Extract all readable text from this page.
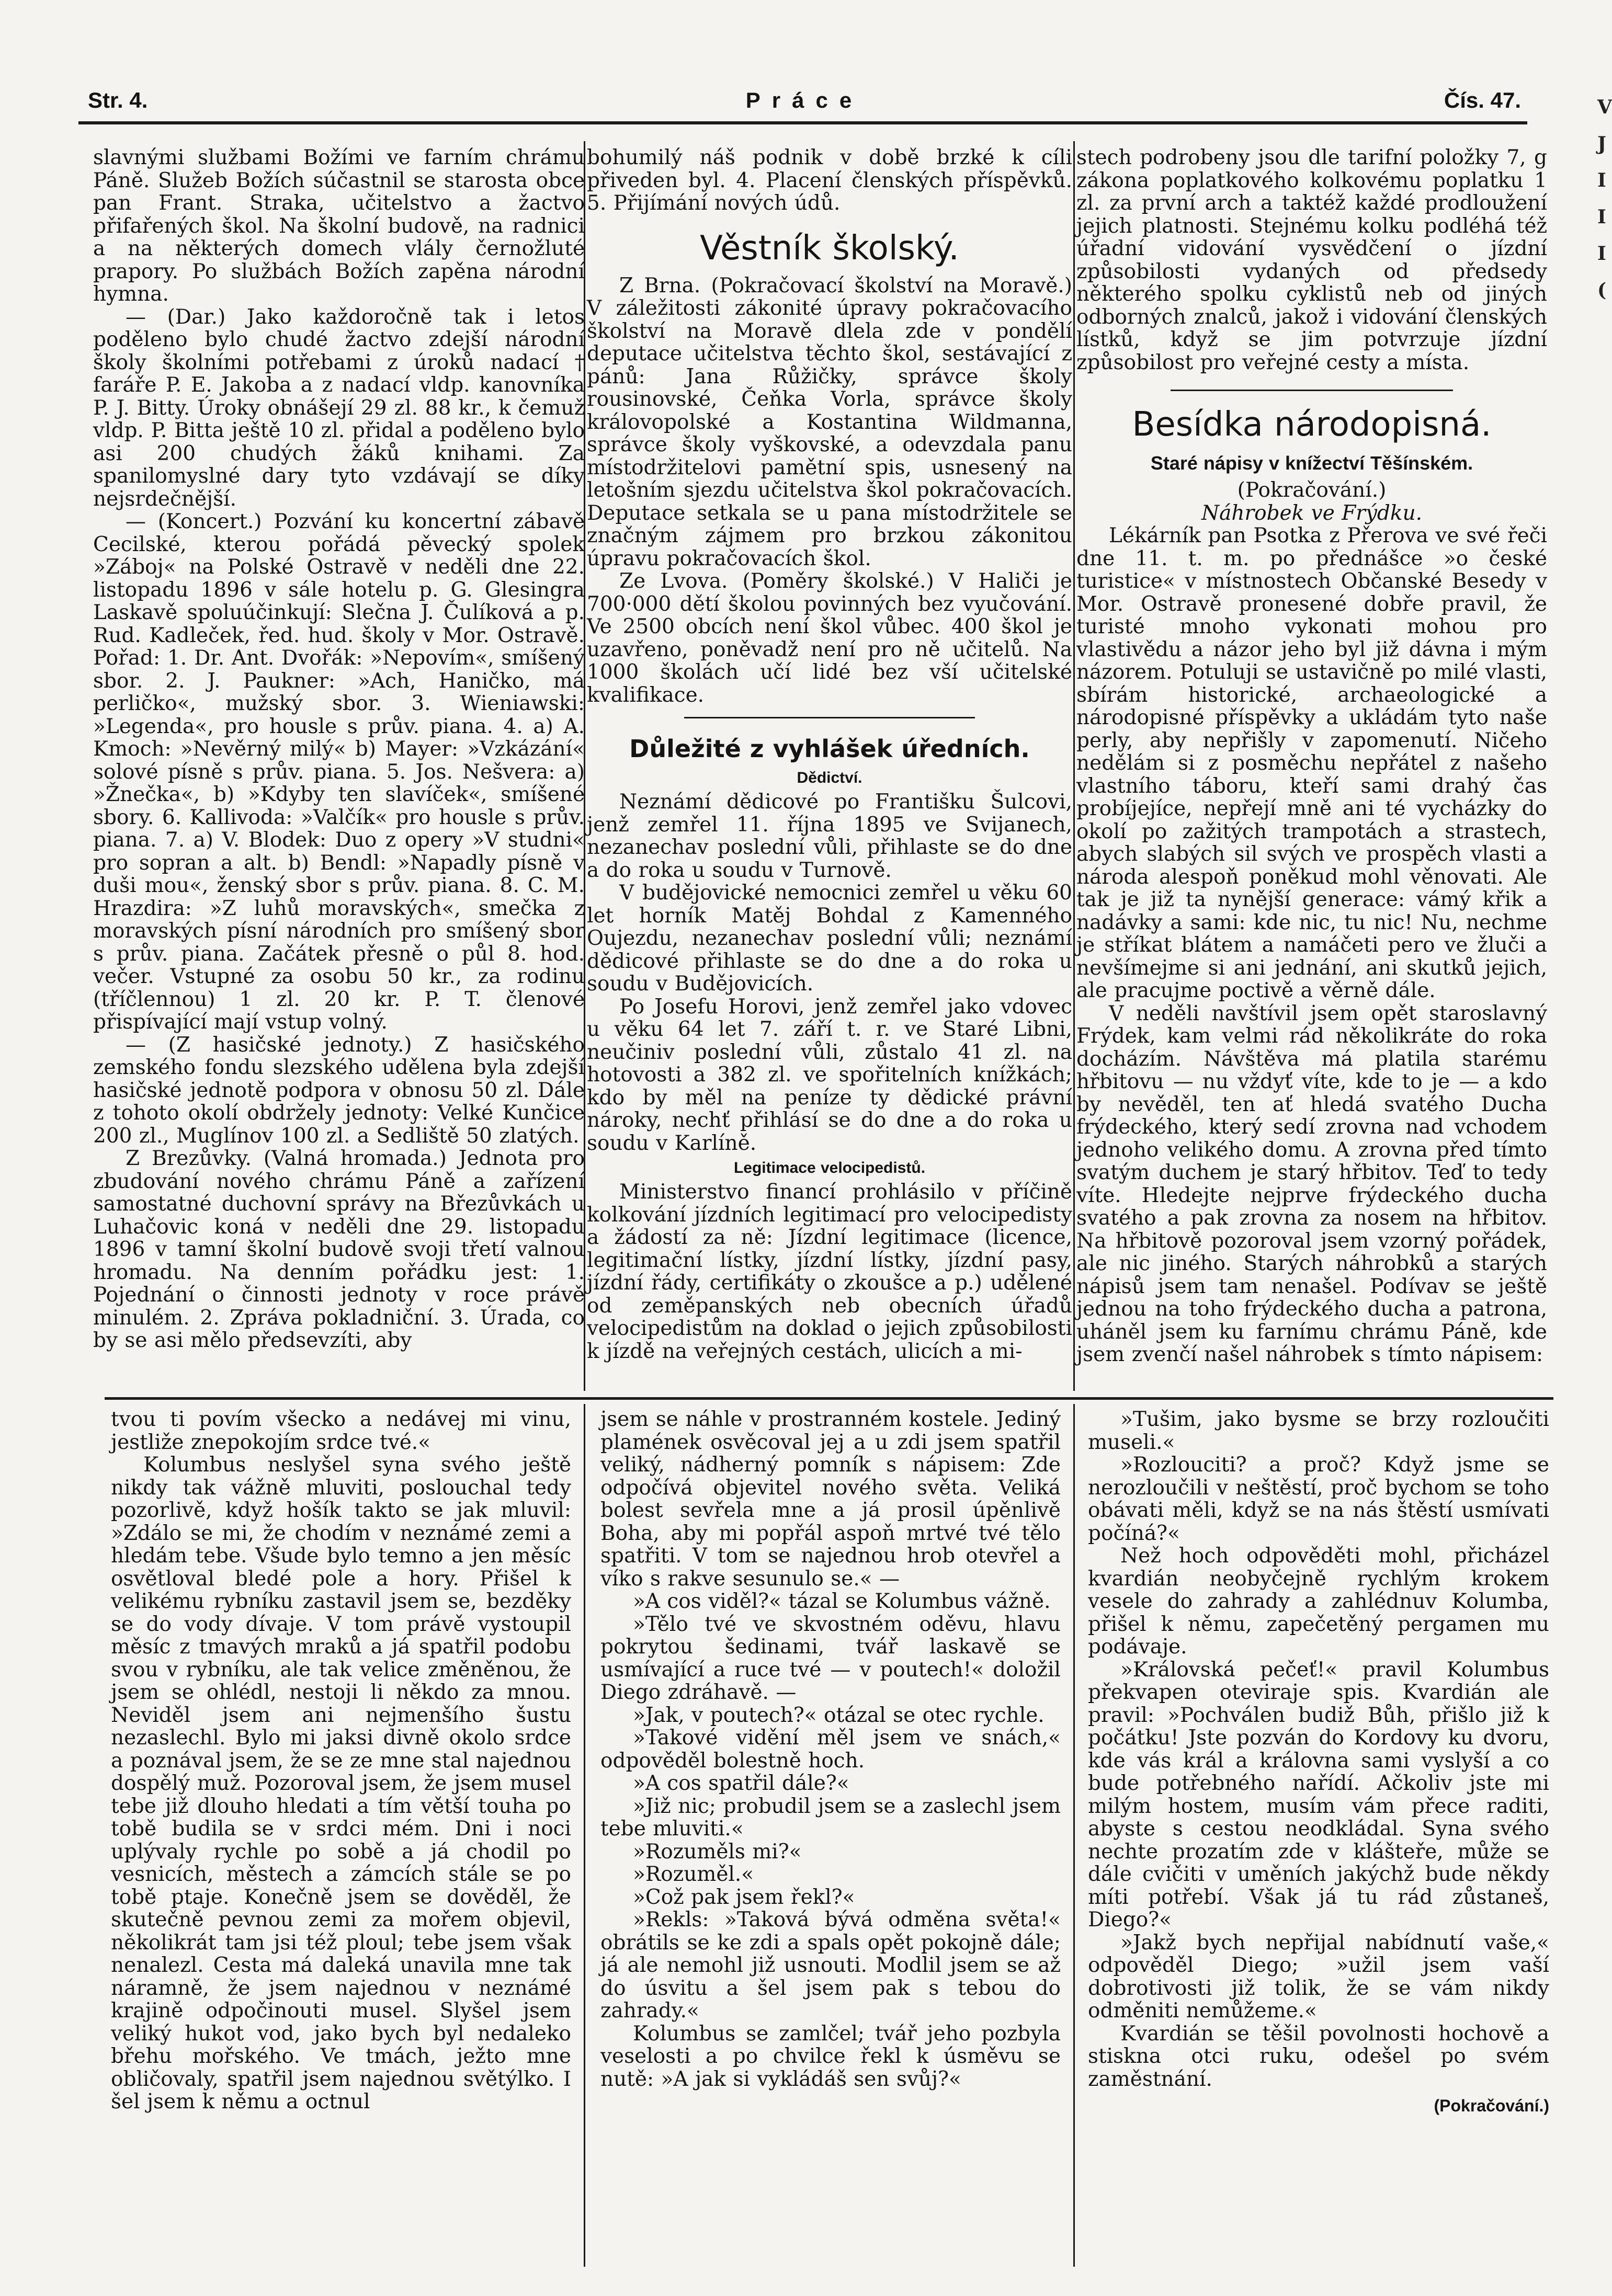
Str. 4.	Práce	Čís. 47.

slavnými službami Božími ve farním chrámu Páně. Služeb Božích súčastnil se starosta obce pan Frant. Straka, učitelstvo a žactvo přifařených škol. Na školní budově, na radnici a na některých domech vlály černožluté prapory. Po službách Božích zapěna národní hymna.

— (Dar.) Jako každoročně tak i letos poděleno bylo chudé žactvo zdejší národní školy školními potřebami z úroků nadací † faráře P. E. Jakoba a z nadací vldp. kanovníka P. J. Bitty. Úroky obnášejí 29 zl. 88 kr., k čemuž vldp. P. Bitta ještě 10 zl. přidal a poděleno bylo asi 200 chudých žáků knihami. Za spanilomyslné dary tyto vzdávají se díky nejsrdečnější.

— (Koncert.) Pozvání ku koncertní zábavě Cecilské, kterou pořádá pěvecký spolek »Záboj« na Polské Ostravě v neděli dne 22. listopadu 1896 v sále hotelu p. G. Glesingra Laskavě spoluúčinkují: Slečna J. Čulíková a p. Rud. Kadleček, řed. hud. školy v Mor. Ostravě. Pořad: 1. Dr. Ant. Dvořák: »Nepovím«, smíšený sbor. 2. J. Paukner: »Ach, Haničko, má perličko«, mužský sbor. 3. Wieniawski: »Legenda«, pro housle s prův. piana. 4. a) A. Kmoch: »Nevěrný milý« b) Mayer: »Vzkázání« solové písně s prův. piana. 5. Jos. Nešvera: a) »Žnečka«, b) »Kdyby ten slavíček«, smíšené sbory. 6. Kallivoda: »Valčík« pro housle s prův. piana. 7. a) V. Blodek: Duo z opery »V studni« pro sopran a alt. b) Bendl: »Napadly písně v duši mou«, ženský sbor s prův. piana. 8. C. M. Hrazdira: »Z luhů moravských«, smečka z moravských písní národních pro smíšený sbor s prův. piana. Začátek přesně o půl 8. hod. večer. Vstupné za osobu 50 kr., za rodinu (tříčlennou) 1 zl. 20 kr. P. T. členové přispívající mají vstup volný.

— (Z hasičské jednoty.) Z hasičského zemského fondu slezského udělena byla zdejší hasičské jednotě podpora v obnosu 50 zl. Dále z tohoto okolí obdržely jednoty: Velké Kunčice 200 zl., Muglínov 100 zl. a Sedliště 50 zlatých.

Z Brezůvky. (Valná hromada.) Jednota pro zbudování nového chrámu Páně a zařízení samostatné duchovní správy na Březůvkách u Luhačovic koná v neděli dne 29. listopadu 1896 v tamní školní budově svoji třetí valnou hromadu. Na denním pořádku jest: 1. Pojednání o činnosti jednoty v roce právě minulém. 2. Zpráva pokladniční. 3. Úrada, co by se asi mělo předsevzíti, aby

bohumilý náš podnik v době brzké k cíli přiveden byl. 4. Placení členských příspěvků. 5. Přijímání nových údů.

Věstník školský.

Z Brna. (Pokračovací školství na Moravě.) V záležitosti zákonité úpravy pokračovacího školství na Moravě dlela zde v pondělí deputace učitelstva těchto škol, sestávající z pánů: Jana Růžičky, správce školy rousinovské, Čeňka Vorla, správce školy královopolské a Kostantina Wildmanna, správce školy vyškovské, a odevzdala panu místodržitelovi pamětní spis, usnesený na letošním sjezdu učitelstva škol pokračovacích. Deputace setkala se u pana místodržitele se značným zájmem pro brzkou zákonitou úpravu pokračovacích škol.

Ze Lvova. (Poměry školské.) V Haliči je 700·000 dětí školou povinných bez vyučování. Ve 2500 obcích není škol vůbec. 400 škol je uzavřeno, poněvadž není pro ně učitelů. Na 1000 školách učí lidé bez vší učitelské kvalifikace.

Důležité z vyhlášek úředních.
Dědictví.

Neznámí dědicové po Františku Šulcovi, jenž zemřel 11. října 1895 ve Svijanech, nezanechav poslední vůli, přihlaste se do dne a do roka u soudu v Turnově.

V budějovické nemocnici zemřel u věku 60 let horník Matěj Bohdal z Kamenného Oujezdu, nezanechav poslední vůli; neznámí dědicové přihlaste se do dne a do roka u soudu v Budějovicích.

Po Josefu Horovi, jenž zemřel jako vdovec u věku 64 let 7. září t. r. ve Staré Libni, neučiniv poslední vůli, zůstalo 41 zl. na hotovosti a 382 zl. ve spořitelních knížkách; kdo by měl na peníze ty dědické právní nároky, nechť přihlásí se do dne a do roka u soudu v Karlíně.

Legitimace velocipedistů.

Ministerstvo financí prohlásilo v příčině kolkování jízdních legitimací pro velocipedisty a žádostí za ně: Jízdní legitimace (licence, legitimační lístky, jízdní lístky, jízdní pasy, jízdní řády, certifikáty o zkoušce a p.) udělené od zeměpanských neb obecních úřadů velocipedistům na doklad o jejich způsobilosti k jízdě na veřejných cestách, ulicích a mi-

stech podrobeny jsou dle tarifní položky 7, g zákona poplatkového kolkovému poplatku 1 zl. za první arch a taktéž každé prodloužení jejich platnosti. Stejnému kolku podléhá též úřadní vidování vysvědčení o jízdní způsobilosti vydaných od předsedy některého spolku cyklistů neb od jiných odborných znalců, jakož i vidování členských lístků, když se jim potvrzuje jízdní způsobilost pro veřejné cesty a místa.

Besídka národopisná.
Staré nápisy v knížectví Těšínském.

(Pokračování.)

Náhrobek ve Frýdku.

Lékárník pan Psotka z Přerova ve své řeči dne 11. t. m. po přednášce »o české turistice« v místnostech Občanské Besedy v Mor. Ostravě pronesené dobře pravil, že turisté mnoho vykonati mohou pro vlastivědu a názor jeho byl již dávna i mým názorem. Potuluji se ustavičně po milé vlasti, sbírám historické, archaeologické a národopisné příspěvky a ukládám tyto naše perly, aby nepřišly v zapomenutí. Ničeho nedělám si z posměchu nepřátel z našeho vlastního táboru, kteří sami drahý čas probíjejíce, nepřejí mně ani té vycházky do okolí po zažitých trampotách a strastech, abych slabých sil svých ve prospěch vlasti a národa alespoň poněkud mohl věnovati. Ale tak je již ta nynější generace: vámý křik a nadávky a sami: kde nic, tu nic! Nu, nechme je stříkat blátem a namáčeti pero ve žluči a nevšímejme si ani jednání, ani skutků jejich, ale pracujme poctivě a věrně dále.

V neděli navštívil jsem opět staroslavný Frýdek, kam velmi rád několikráte do roka docházím. Návštěva má platila starému hřbitovu — nu vždyť víte, kde to je — a kdo by nevěděl, ten ať hledá svatého Ducha frýdeckého, který sedí zrovna nad vchodem jednoho velikého domu. A zrovna před tímto svatým duchem je starý hřbitov. Teď to tedy víte. Hledejte nejprve frýdeckého ducha svatého a pak zrovna za nosem na hřbitov. Na hřbitově pozoroval jsem vzorný pořádek, ale nic jiného. Starých náhrobků a starých nápisů jsem tam nenašel. Podívav se ještě jednou na toho frýdeckého ducha a patrona, uháněl jsem ku farnímu chrámu Páně, kde jsem zvenčí našel náhrobek s tímto nápisem:

tvou ti povím všecko a nedávej mi vinu, jestliže znepokojím srdce tvé.«

Kolumbus neslyšel syna svého ještě nikdy tak vážně mluviti, poslouchal tedy pozorlivě, když hošík takto se jak mluvil: »Zdálo se mi, že chodím v neznámé zemi a hledám tebe. Všude bylo temno a jen měsíc osvětloval bledé pole a hory. Přišel k velikému rybníku zastavil jsem se, bezděky se do vody dívaje. V tom právě vystoupil měsíc z tmavých mraků a já spatřil podobu svou v rybníku, ale tak velice změněnou, že jsem se ohlédl, nestoji li někdo za mnou. Neviděl jsem ani nejmenšího šustu nezaslechl. Bylo mi jaksi divně okolo srdce a poznával jsem, že se ze mne stal najednou dospělý muž. Pozoroval jsem, že jsem musel tebe již dlouho hledati a tím větší touha po tobě budila se v srdci mém. Dni i noci uplývaly rychle po sobě a já chodil po vesnicích, městech a zámcích stále se po tobě ptaje. Konečně jsem se dověděl, že skutečně pevnou zemi za mořem objevil, několikrát tam jsi též ploul; tebe jsem však nenalezl. Cesta má daleká unavila mne tak náramně, že jsem najednou v neznámé krajině odpočinouti musel. Slyšel jsem veliký hukot vod, jako bych byl nedaleko břehu mořského. Ve tmách, ježto mne obličovaly, spatřil jsem najednou světýlko. I šel jsem k němu a octnul

jsem se náhle v prostranném kostele. Jediný plamének osvěcoval jej a u zdi jsem spatřil veliký, nádherný pomník s nápisem: Zde odpočívá objevitel nového světa. Veliká bolest sevřela mne a já prosil úpěnlivě Boha, aby mi popřál aspoň mrtvé tvé tělo spatřiti. V tom se najednou hrob otevřel a víko s rakve sesunulo se.« —

»A cos viděl?« tázal se Kolumbus vážně.

»Tělo tvé ve skvostném oděvu, hlavu pokrytou šedinami, tvář laskavě se usmívající a ruce tvé — v poutech!« doložil Diego zdráhavě. —

»Jak, v poutech?« otázal se otec rychle.

»Takové vidění měl jsem ve snách,« odpověděl bolestně hoch.

»A cos spatřil dále?«

»Již nic; probudil jsem se a zaslechl jsem tebe mluviti.«

»Rozuměls mi?«

»Rozuměl.«

»Což pak jsem řekl?«

»Rekls: »Taková bývá odměna světa!« obrátils se ke zdi a spals opět pokojně dále; já ale nemohl již usnouti. Modlil jsem se až do úsvitu a šel jsem pak s tebou do zahrady.«

Kolumbus se zamlčel; tvář jeho pozbyla veselosti a po chvilce řekl k úsměvu se nutě: »A jak si vykládáš sen svůj?«

»Tušim, jako bysme se brzy rozloučiti museli.«

»Rozlouciti? a proč? Když jsme se nerozloučili v neštěstí, proč bychom se toho obávati měli, když se na nás štěstí usmívati počíná?«

Než hoch odpověděti mohl, přicházel kvardián neobyčejně rychlým krokem vesele do zahrady a zahlédnuv Kolumba, přišel k němu, zapečetěný pergamen mu podávaje.

»Královská pečeť!« pravil Kolumbus překvapen oteviraje spis. Kvardián ale pravil: »Pochválen budiž Bůh, přišlo již k počátku! Jste pozván do Kordovy ku dvoru, kde vás král a královna sami vyslyší a co bude potřebného nařídí. Ačkoliv jste mi milým hostem, musím vám přece raditi, abyste s cestou neodkládal. Syna svého nechte prozatím zde v klášteře, může se dále cvičiti v uměních jakýchž bude někdy míti potřebí. Však já tu rád zůstaneš, Diego?«

»Jakž bych nepřijal nabídnutí vaše,« odpověděl Diego; »užil jsem vaší dobrotivosti již tolik, že se vám nikdy odměniti nemůžeme.«

Kvardián se těšil povolnosti hochově a stiskna otci ruku, odešel po svém zaměstnání.

(Pokračování.)
V J I I I (
